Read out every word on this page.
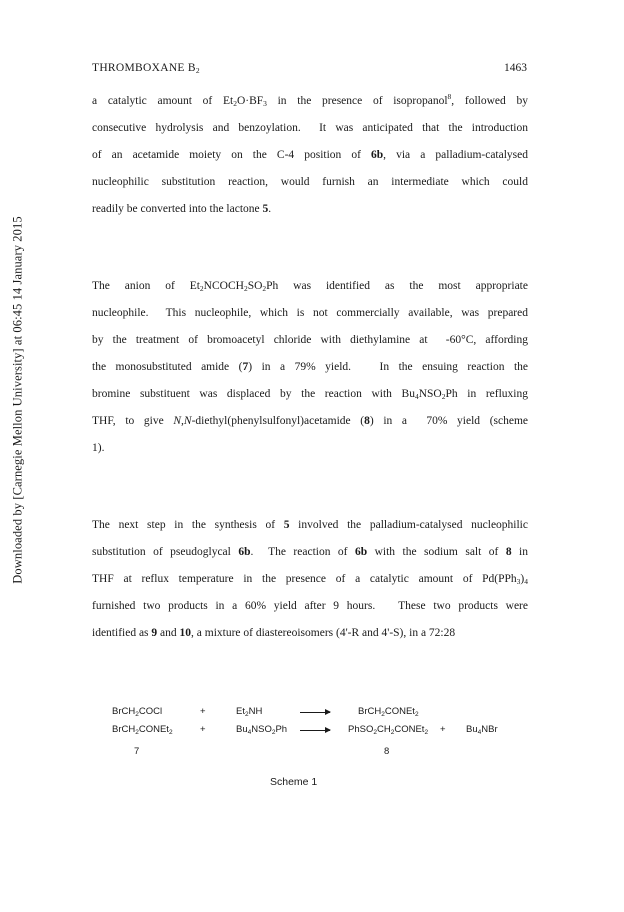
Downloaded by [Carnegie Mellon University] at 06:45 14 January 2015
THROMBOXANE $B_2$	1463
a catalytic amount of $Et_2O\cdot BF_3$ in the presence of isopropanol$^8$, followed by
consecutive hydrolysis and benzoylation.  It was anticipated that the introduction
of an acetamide moiety on the C-4 position of 6b, via a palladium-catalysed
nucleophilic substitution reaction, would furnish an intermediate which could
readily be converted into the lactone 5.
The anion of $Et_2NCOCH_2SO_2Ph$ was identified as the most appropriate
nucleophile.  This nucleophile, which is not commercially available, was prepared
by the treatment of bromoacetyl chloride with diethylamine at  -60°C, affording
the monosubstituted amide (7) in a 79% yield.   In the ensuing reaction the
bromine substituent was displaced by the reaction with $Bu_4NSO_2Ph$ in refluxing
THF, to give N,N-diethyl(phenylsulfonyl)acetamide (8) in a  70% yield (scheme
1).
The next step in the synthesis of 5 involved the palladium-catalysed nucleophilic
substitution of pseudoglycal 6b.  The reaction of 6b with the sodium salt of 8 in
THF at reflux temperature in the presence of a catalytic amount of $Pd(PPh_3)_4$
furnished two products in a 60% yield after 9 hours.   These two products were
identified as 9 and 10, a mixture of diastereoisomers (4'-R and 4'-S), in a 72:28
BrCH$_2$COCl	+	$Et_2NH$	BrCH$_2$CONEt$_2$
BrCH$_2$CONEt$_2$	+	$Bu_4NSO_2Ph$	$PhSO_2CH_2CONEt_2 + Bu_4NBr$
7	8
Scheme 1
